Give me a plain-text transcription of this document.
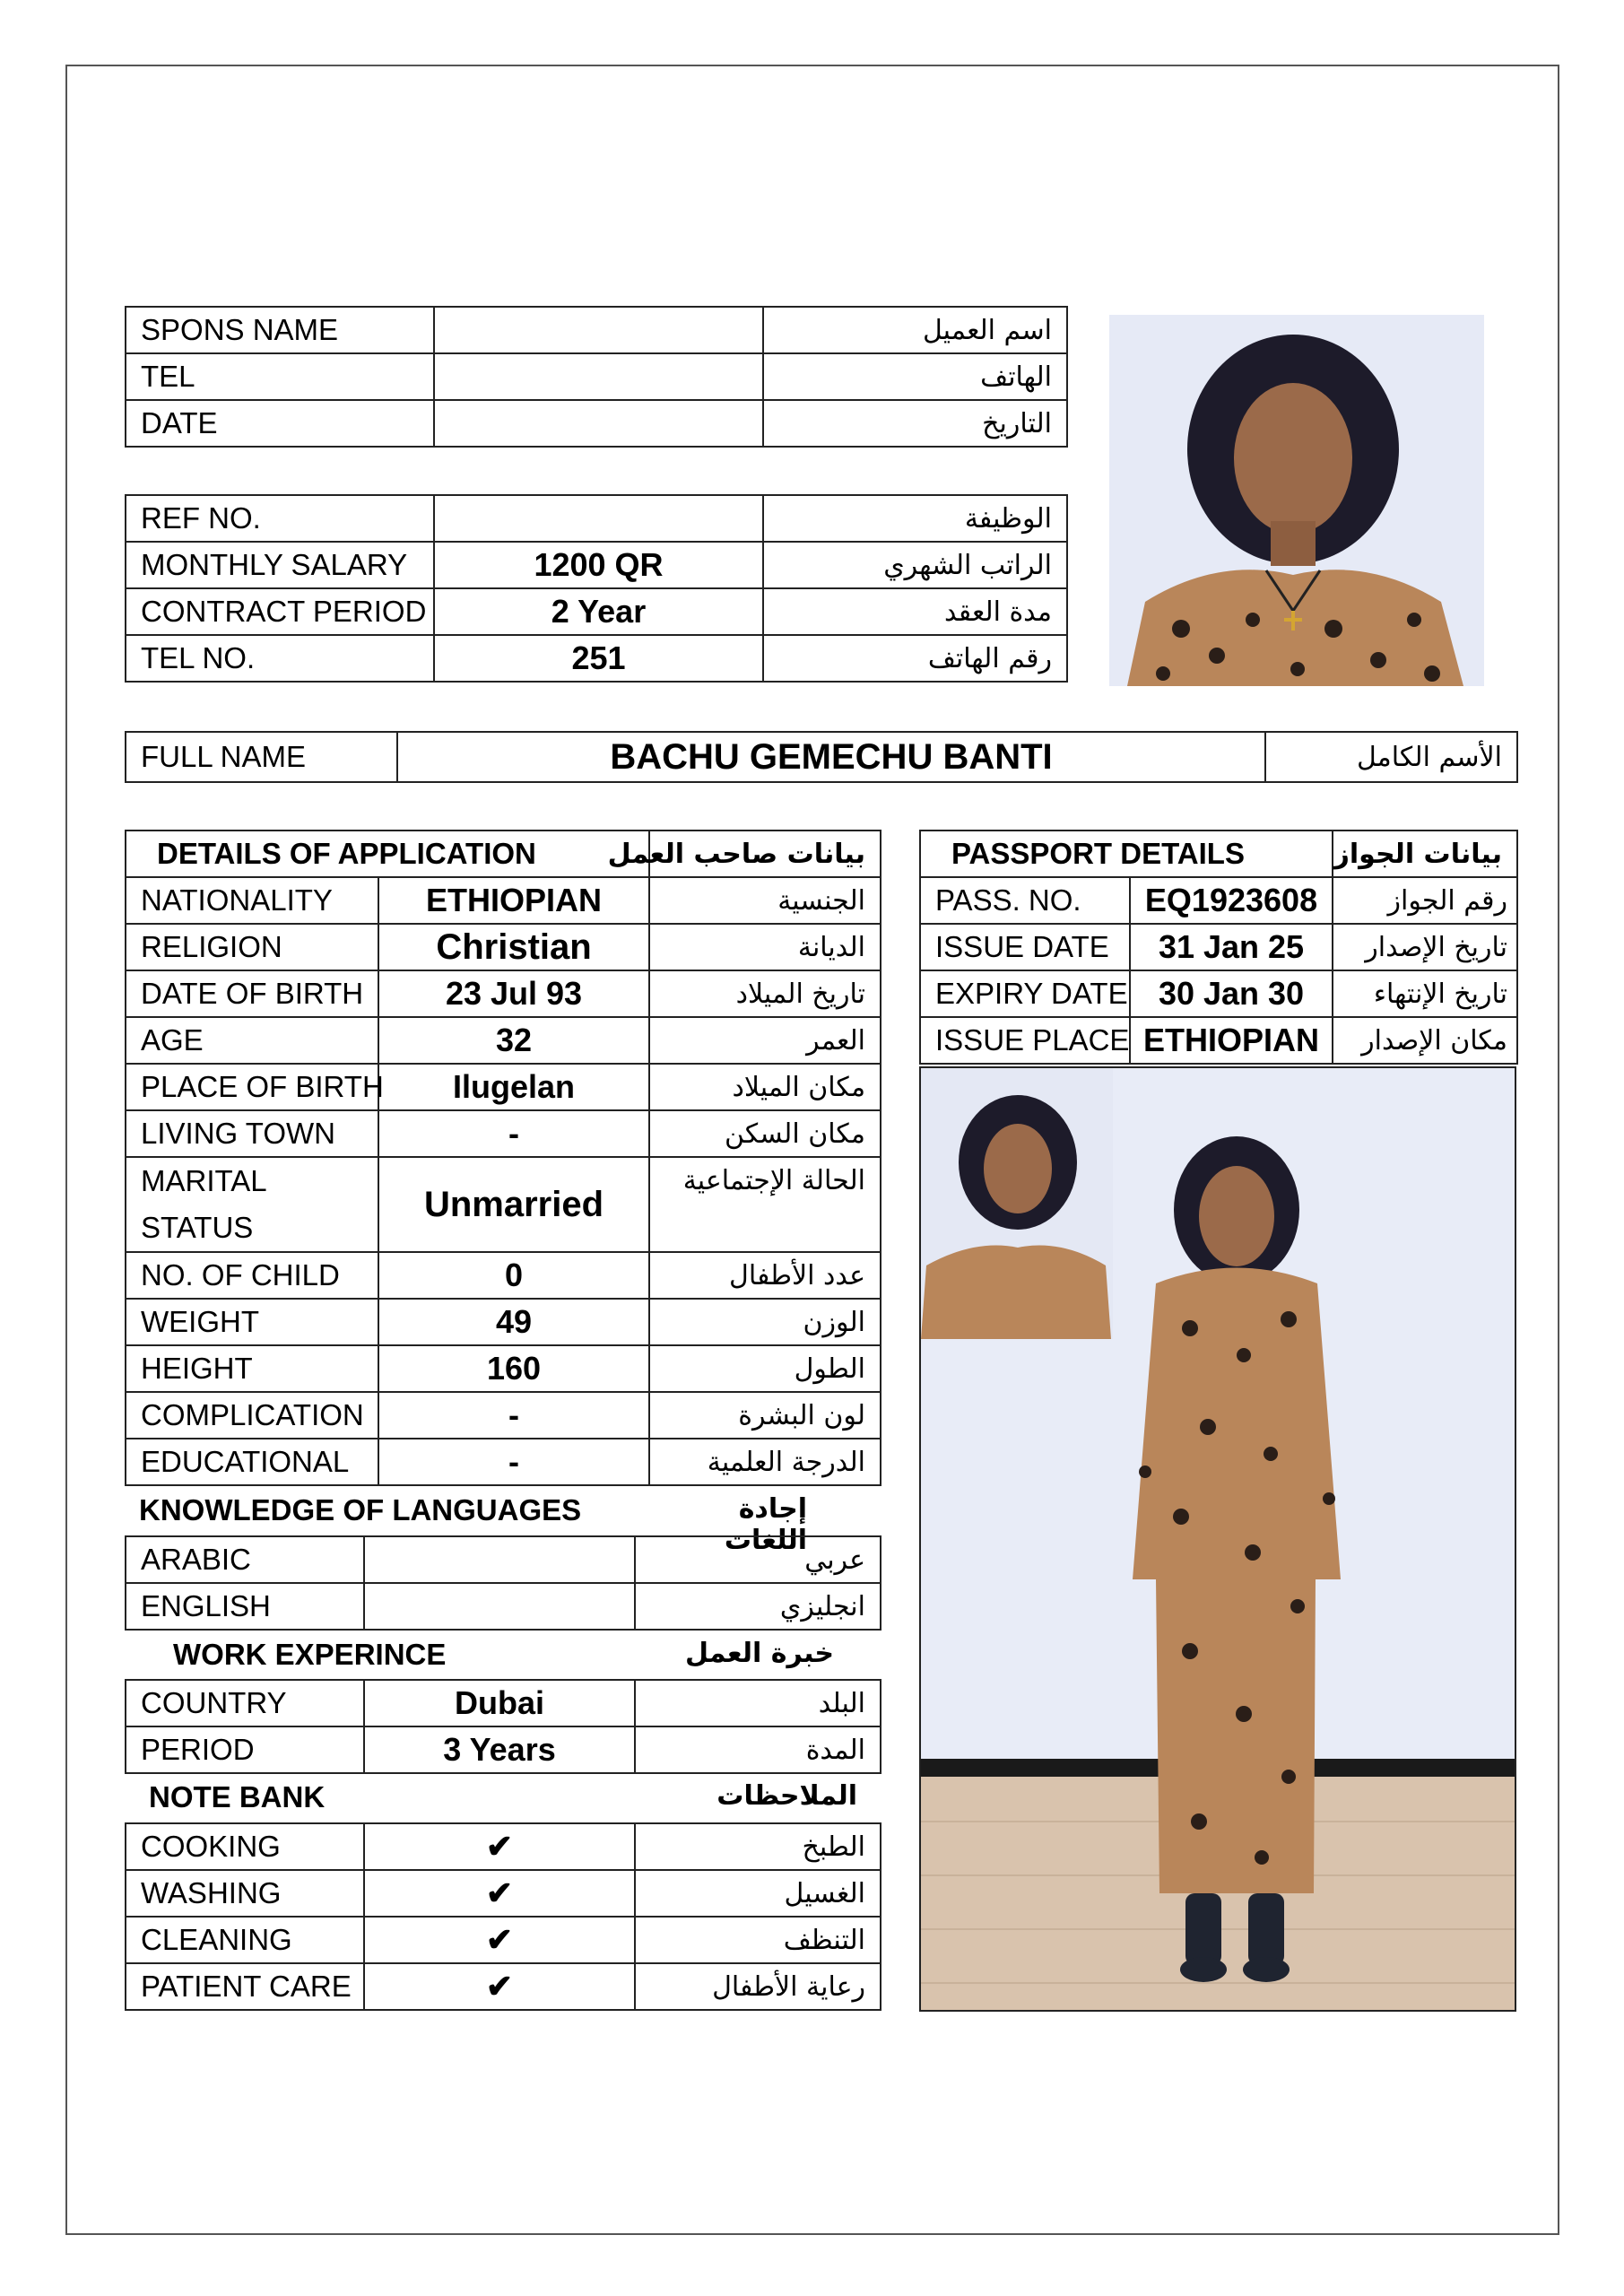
SPONS NAME		اسم العميل
TEL		الهاتف
DATE		التاريخ
REF NO.		الوظيفة
MONTHLY SALARY	1200 QR	الراتب الشهري
CONTRACT PERIOD	2 Year	مدة العقد
TEL NO.	251	رقم الهاتف
FULL NAME	BACHU GEMECHU BANTI	الأسم الكامل
DETAILS OF APPLICATION		بيانات صاحب العمل
NATIONALITY	ETHIOPIAN	الجنسية
RELIGION	Christian	الديانة
DATE OF BIRTH	23 Jul 93	تاريخ الميلاد
AGE	32	العمر
PLACE OF BIRTH	Ilugelan	مكان الميلاد
LIVING TOWN	-	مكان السكن
MARITAL STATUS	Unmarried	الحالة الإجتماعية
NO. OF CHILD	0	عدد الأطفال
WEIGHT	49	الوزن
HEIGHT	160	الطول
COMPLICATION	-	لون البشرة
EDUCATIONAL	-	الدرجة العلمية
KNOWLEDGE OF LANGUAGES	إجادة اللغات
ARABIC		عربي
ENGLISH		انجليزي
WORK EXPERINCE	خبرة العمل
COUNTRY	Dubai	البلد
PERIOD	3 Years	المدة
NOTE BANK	الملاحظات
COOKING	✔	الطبخ
WASHING	✔	الغسيل
CLEANING	✔	التنظف
PATIENT CARE	✔	رعاية الأطفال
PASSPORT DETAILS		بيانات الجواز
PASS. NO.	EQ1923608	رقم الجواز
ISSUE DATE	31 Jan 25	تاريخ الإصدار
EXPIRY DATE	30 Jan 30	تاريخ الإنتهاء
ISSUE PLACE	ETHIOPIAN	مكان الإصدار
